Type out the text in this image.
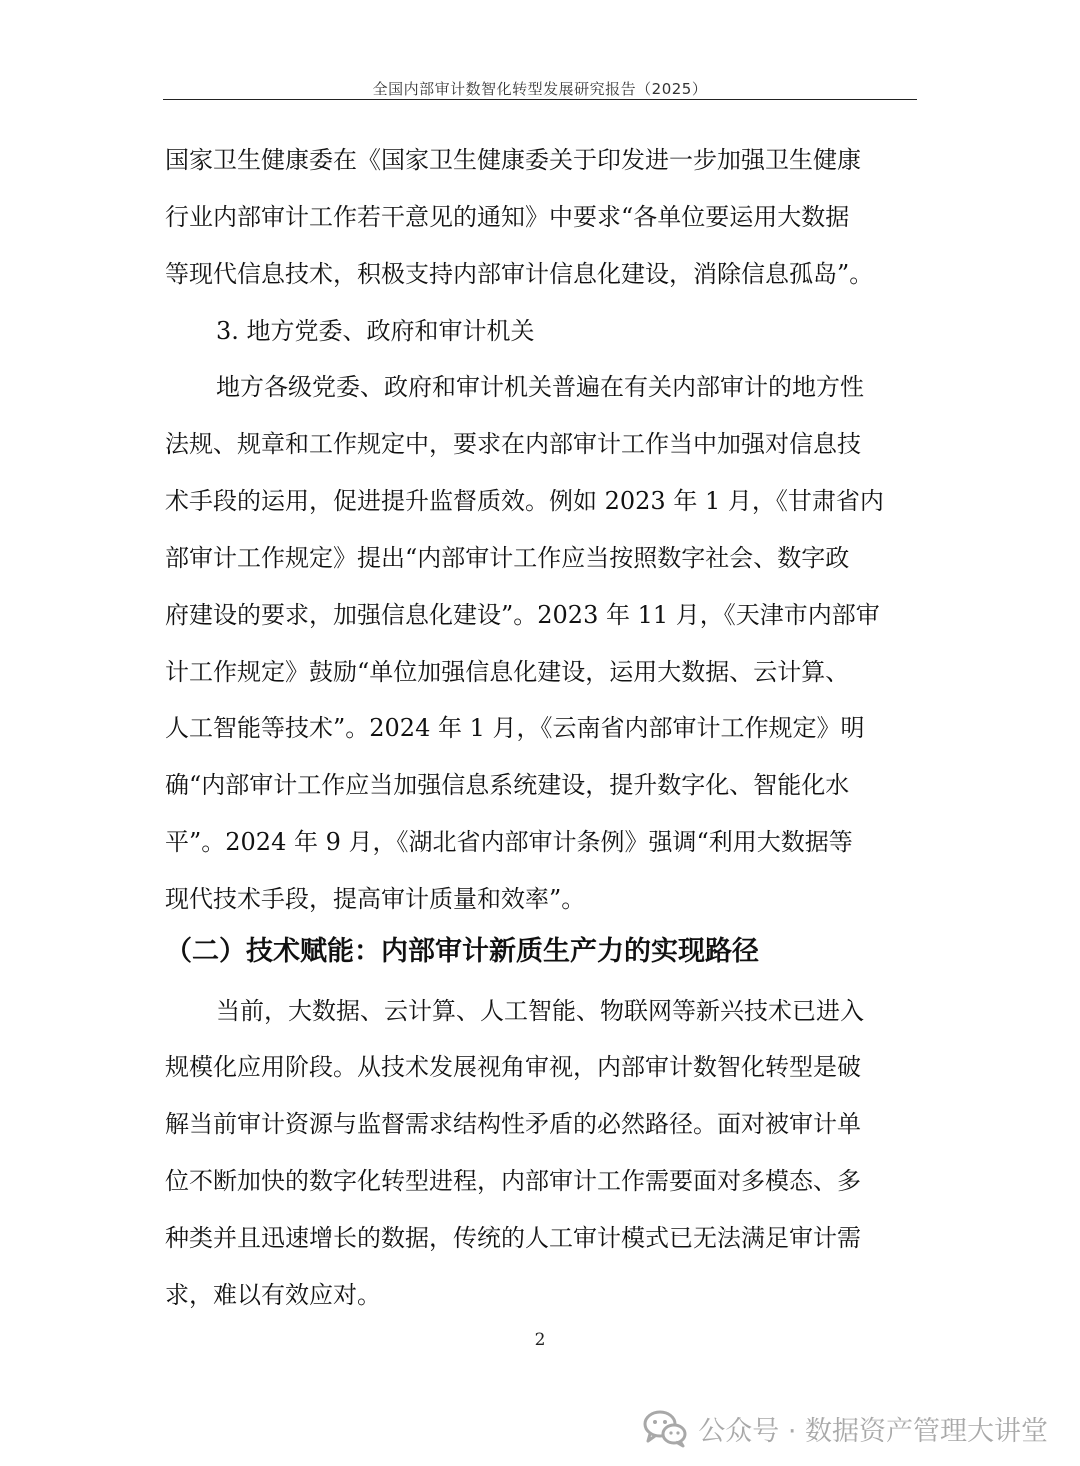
全国内部审计数智化转型发展研究报告（2025）
国家卫生健康委在《国家卫生健康委关于印发进一步加强卫生健康
行业内部审计工作若干意见的通知》中要求“各单位要运用大数据
等现代信息技术，积极支持内部审计信息化建设，消除信息孤岛”。
3. 地方党委、政府和审计机关
地方各级党委、政府和审计机关普遍在有关内部审计的地方性
法规、规章和工作规定中，要求在内部审计工作当中加强对信息技
术手段的运用，促进提升监督质效。例如 2023 年 1 月，《甘肃省内
部审计工作规定》提出“内部审计工作应当按照数字社会、数字政
府建设的要求，加强信息化建设”。2023 年 11 月，《天津市内部审
计工作规定》鼓励“单位加强信息化建设，运用大数据、云计算、
人工智能等技术”。2024 年 1 月，《云南省内部审计工作规定》明
确“内部审计工作应当加强信息系统建设，提升数字化、智能化水
平”。2024 年 9 月，《湖北省内部审计条例》强调“利用大数据等
现代技术手段，提高审计质量和效率”。
（二）技术赋能：内部审计新质生产力的实现路径
当前，大数据、云计算、人工智能、物联网等新兴技术已进入
规模化应用阶段。从技术发展视角审视，内部审计数智化转型是破
解当前审计资源与监督需求结构性矛盾的必然路径。面对被审计单
位不断加快的数字化转型进程，内部审计工作需要面对多模态、多
种类并且迅速增长的数据，传统的人工审计模式已无法满足审计需
求，难以有效应对。
2
公众号 · 数据资产管理大讲堂
